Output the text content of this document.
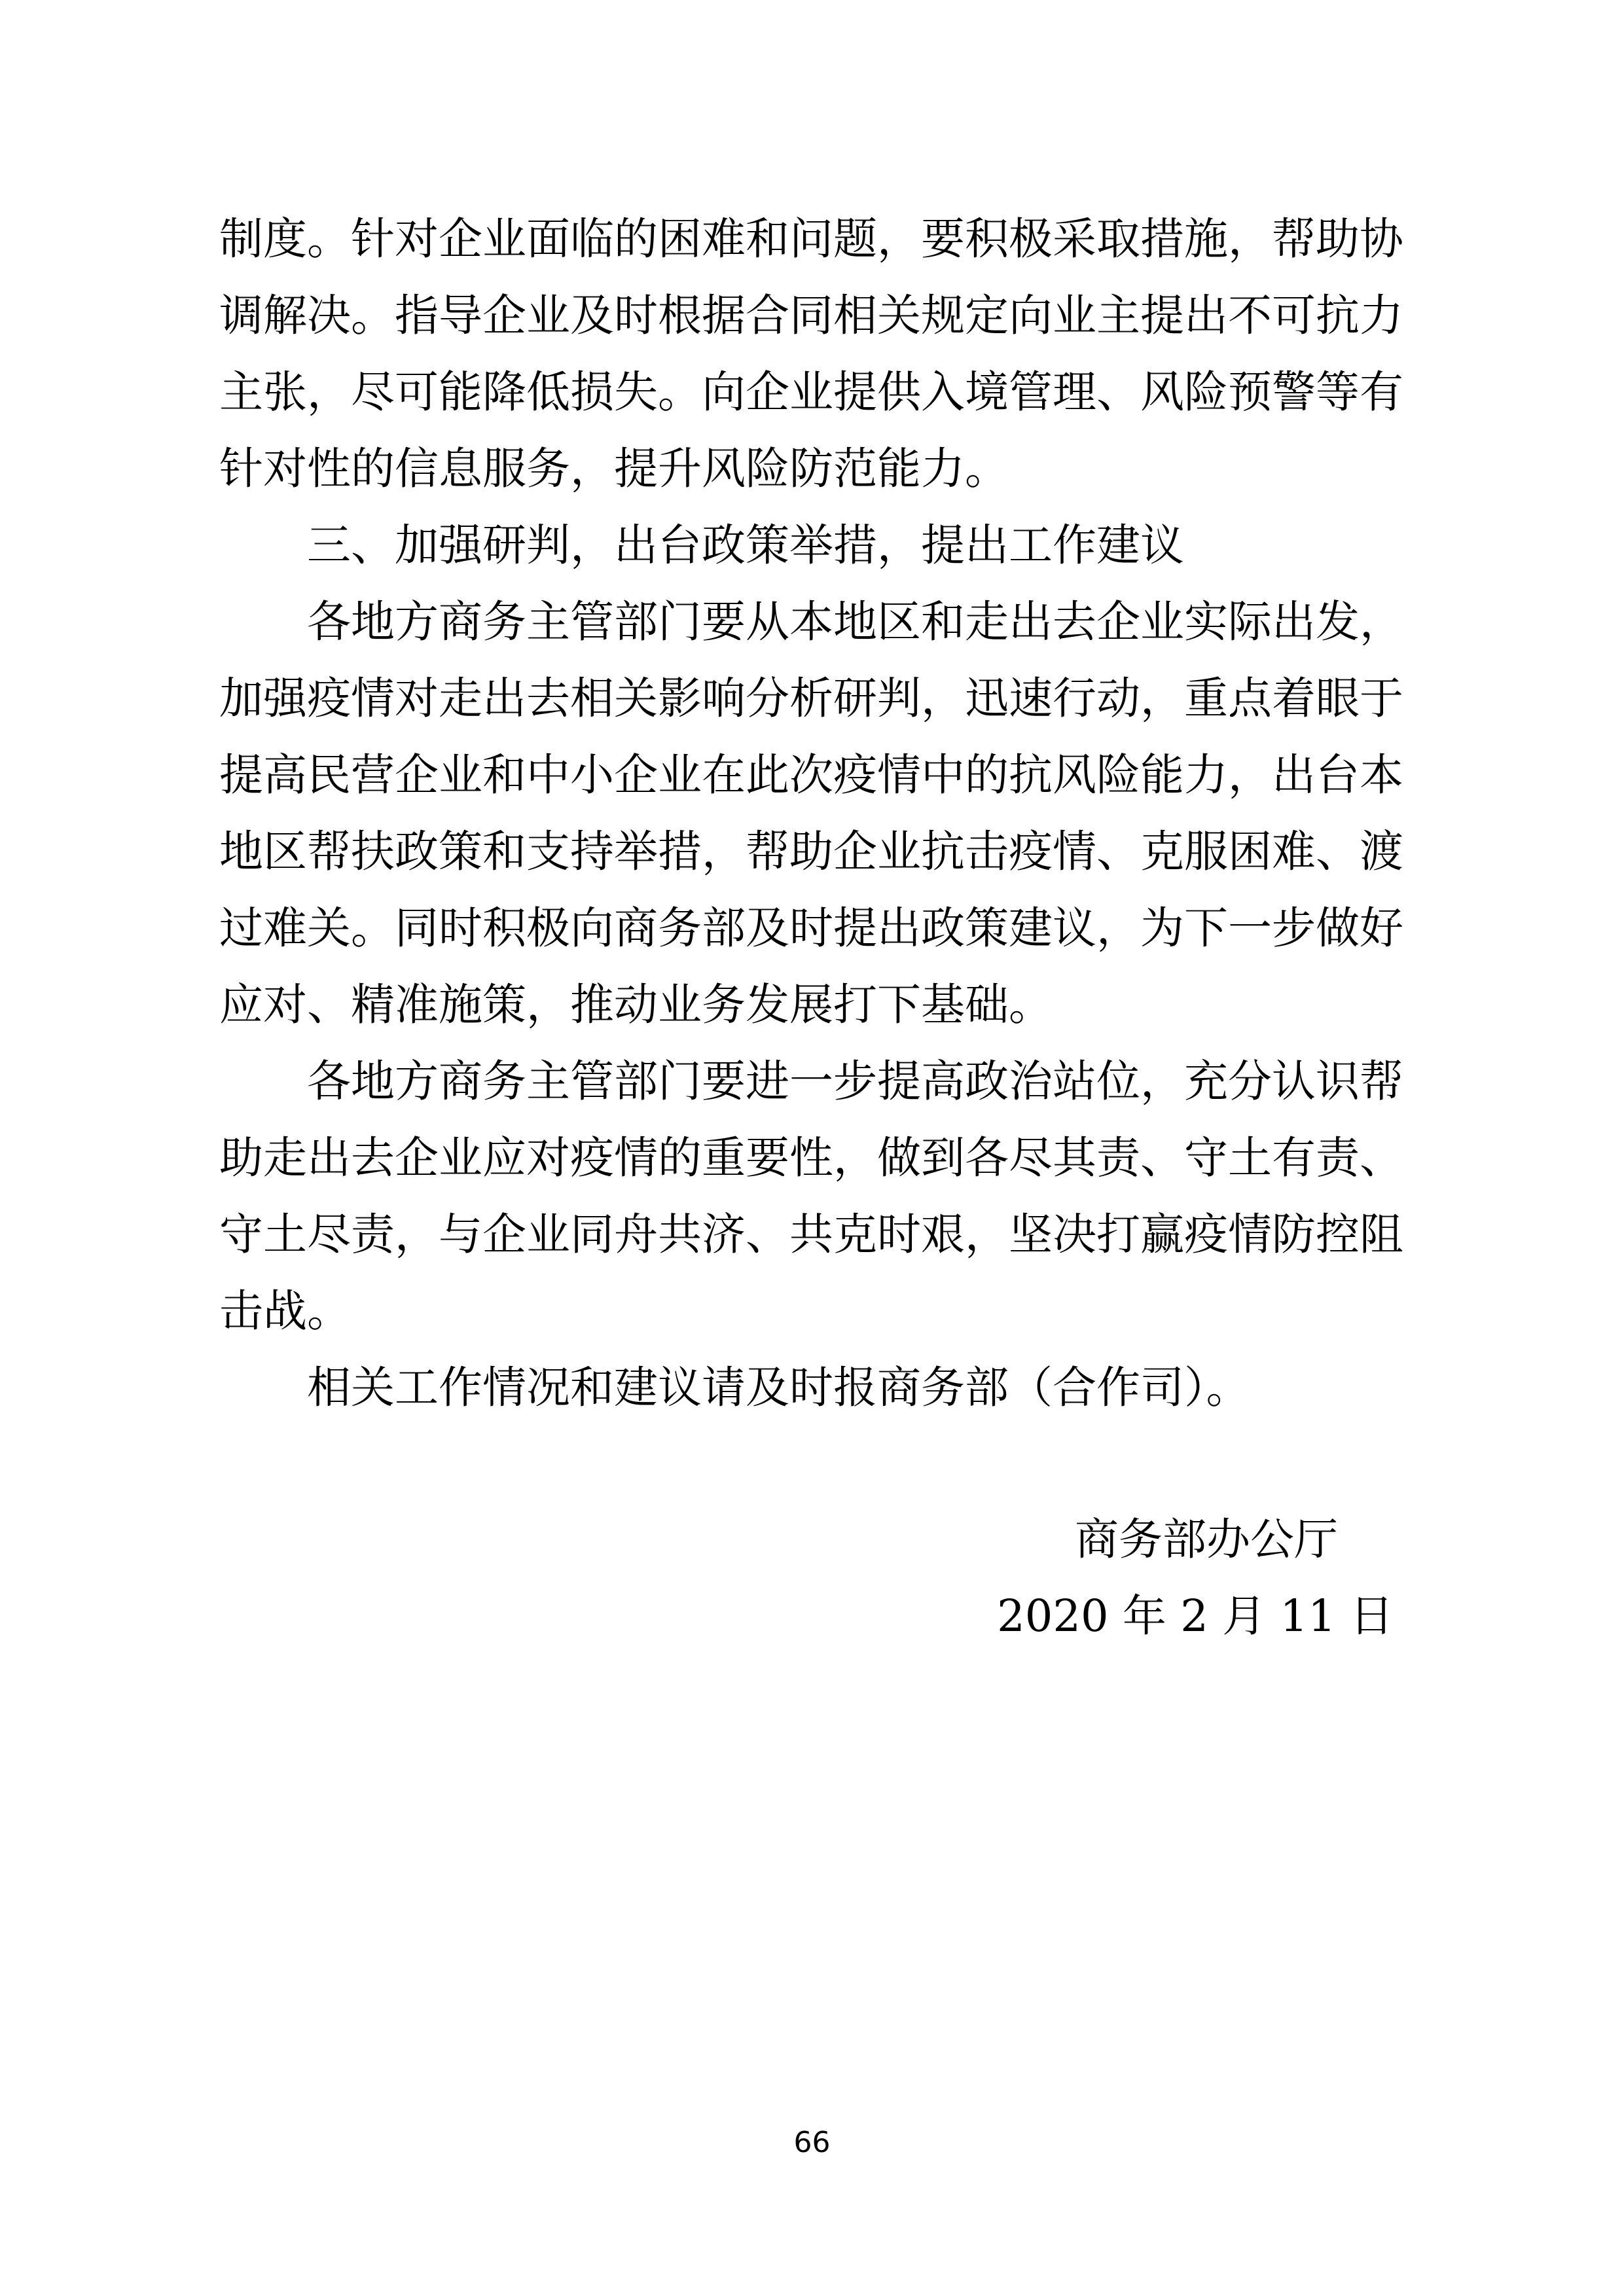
制度。针对企业面临的困难和问题，要积极采取措施，帮助协
调解决。指导企业及时根据合同相关规定向业主提出不可抗力
主张，尽可能降低损失。向企业提供入境管理、风险预警等有
针对性的信息服务，提升风险防范能力。
三、加强研判，出台政策举措，提出工作建议
各地方商务主管部门要从本地区和走出去企业实际出发，
加强疫情对走出去相关影响分析研判，迅速行动，重点着眼于
提高民营企业和中小企业在此次疫情中的抗风险能力，出台本
地区帮扶政策和支持举措，帮助企业抗击疫情、克服困难、渡
过难关。同时积极向商务部及时提出政策建议，为下一步做好
应对、精准施策，推动业务发展打下基础。
各地方商务主管部门要进一步提高政治站位，充分认识帮
助走出去企业应对疫情的重要性，做到各尽其责、守土有责、
守土尽责，与企业同舟共济、共克时艰，坚决打赢疫情防控阻
击战。
相关工作情况和建议请及时报商务部（合作司）。
商务部办公厅
2020 年 2 月 11 日
66
